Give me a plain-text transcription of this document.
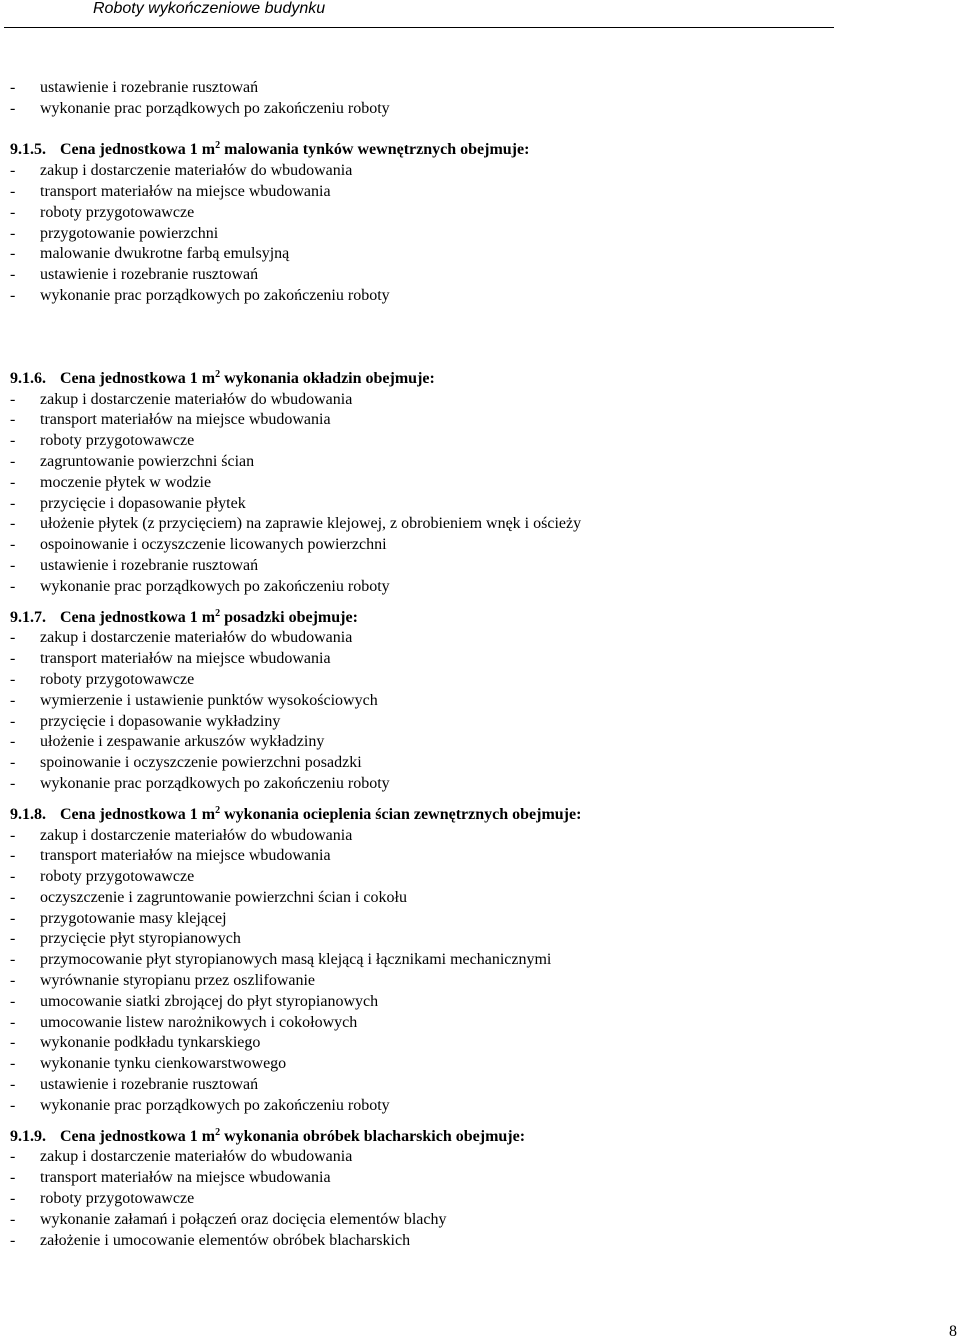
Roboty wykończeniowe budynku
- ustawienie i rozebranie rusztowań
- wykonanie prac porządkowych po zakończeniu roboty
9.1.5. Cena jednostkowa 1 $m^2$ malowania tynków wewnętrznych obejmuje:
- zakup i dostarczenie materiałów do wbudowania
- transport materiałów na miejsce wbudowania
- roboty przygotowawcze
- przygotowanie powierzchni
- malowanie dwukrotne farbą emulsyjną
- ustawienie i rozebranie rusztowań
- wykonanie prac porządkowych po zakończeniu roboty
9.1.6. Cena jednostkowa 1 $m^2$ wykonania okładzin obejmuje:
- zakup i dostarczenie materiałów do wbudowania
- transport materiałów na miejsce wbudowania
- roboty przygotowawcze
- zagruntowanie powierzchni ścian
- moczenie płytek w wodzie
- przycięcie i dopasowanie płytek
- ułożenie płytek (z przycięciem) na zaprawie klejowej, z obrobieniem wnęk i ościeży
- ospoinowanie i oczyszczenie licowanych powierzchni
- ustawienie i rozebranie rusztowań
- wykonanie prac porządkowych po zakończeniu roboty
9.1.7. Cena jednostkowa 1 $m^2$ posadzki obejmuje:
- zakup i dostarczenie materiałów do wbudowania
- transport materiałów na miejsce wbudowania
- roboty przygotowawcze
- wymierzenie i ustawienie punktów wysokościowych
- przycięcie i dopasowanie wykładziny
- ułożenie i zespawanie arkuszów wykładziny
- spoinowanie i oczyszczenie powierzchni posadzki
- wykonanie prac porządkowych po zakończeniu roboty
9.1.8. Cena jednostkowa 1 $m^2$ wykonania ocieplenia ścian zewnętrznych obejmuje:
- zakup i dostarczenie materiałów do wbudowania
- transport materiałów na miejsce wbudowania
- roboty przygotowawcze
- oczyszczenie i zagruntowanie powierzchni ścian i cokołu
- przygotowanie masy klejącej
- przycięcie płyt styropianowych
- przymocowanie płyt styropianowych masą klejącą i łącznikami mechanicznymi
- wyrównanie styropianu przez oszlifowanie
- umocowanie siatki zbrojącej do płyt styropianowych
- umocowanie listew narożnikowych i cokołowych
- wykonanie podkładu tynkarskiego
- wykonanie tynku cienkowarstwowego
- ustawienie i rozebranie rusztowań
- wykonanie prac porządkowych po zakończeniu roboty
9.1.9. Cena jednostkowa 1 $m^2$ wykonania obróbek blacharskich obejmuje:
- zakup i dostarczenie materiałów do wbudowania
- transport materiałów na miejsce wbudowania
- roboty przygotowawcze
- wykonanie załamań i połączeń oraz docięcia elementów blachy
- założenie i umocowanie elementów obróbek blacharskich
8
